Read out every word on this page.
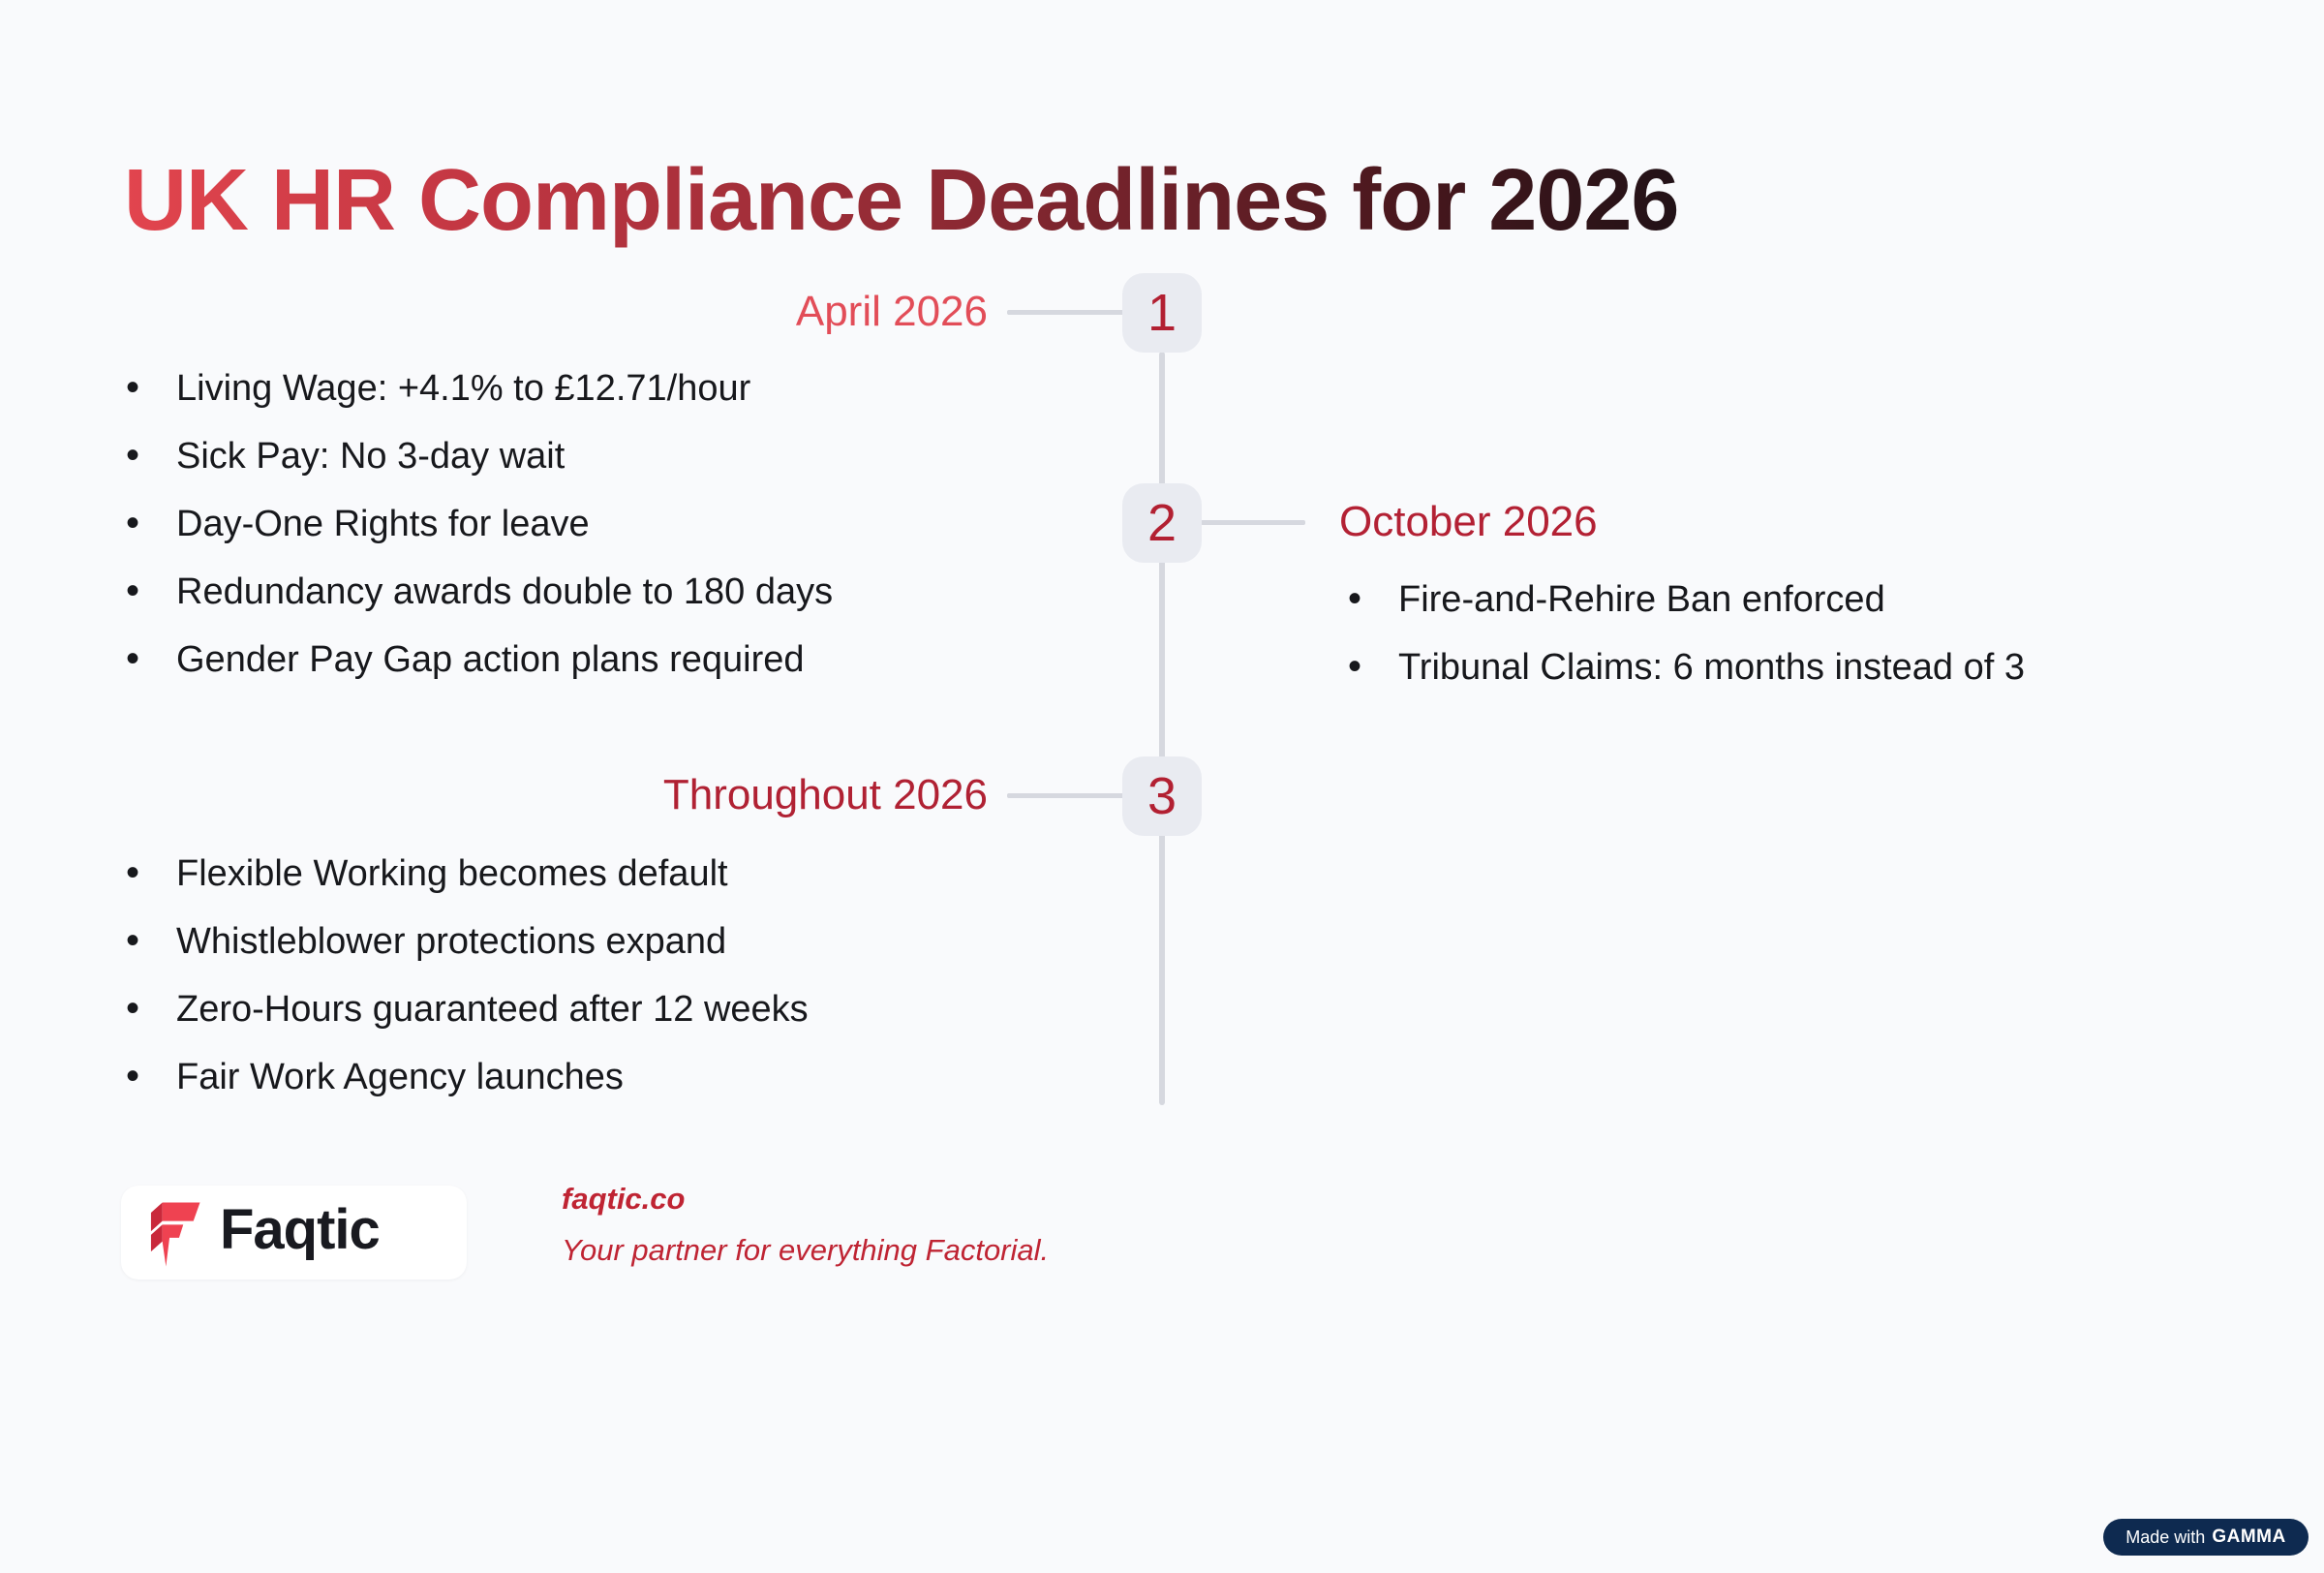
UK HR Compliance Deadlines for 2026
1
2
3
April 2026
October 2026
Throughout 2026
• Living Wage: +4.1% to £12.71/hour
• Sick Pay: No 3-day wait
• Day-One Rights for leave
• Redundancy awards double to 180 days
• Gender Pay Gap action plans required
• Fire-and-Rehire Ban enforced
• Tribunal Claims: 6 months instead of 3
• Flexible Working becomes default
• Whistleblower protections expand
• Zero-Hours guaranteed after 12 weeks
• Fair Work Agency launches
Faqtic	faqtic.co
Your partner for everything Factorial.
Made with GAMMA
